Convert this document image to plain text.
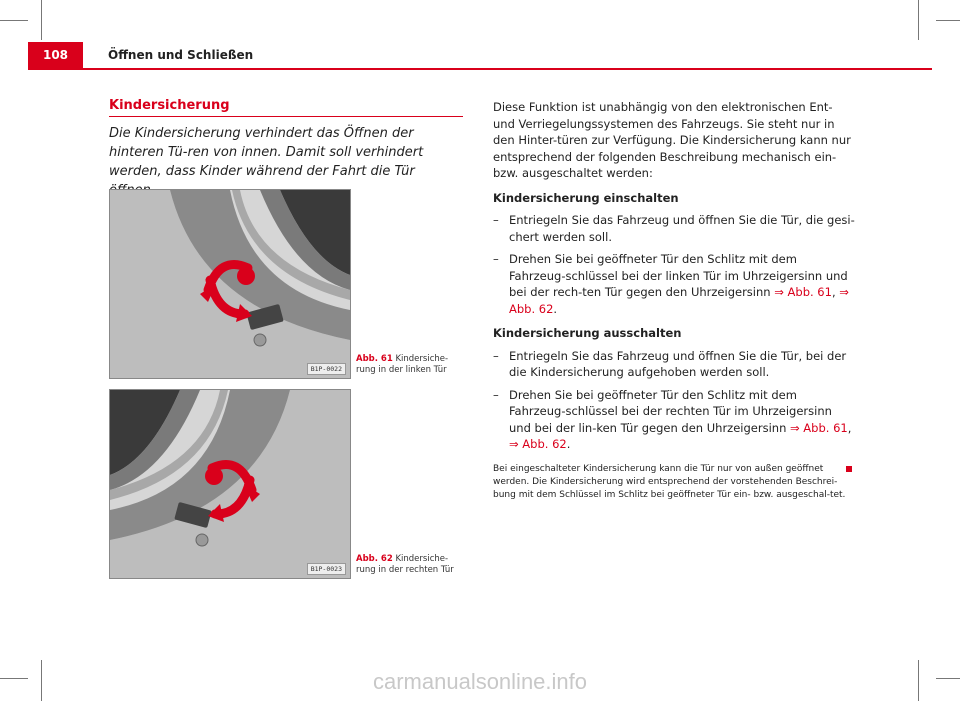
108	Öffnen und Schließen
Kindersicherung
Die Kindersicherung verhindert das Öffnen der hinteren Tü-ren von innen. Damit soll verhindert werden, dass Kinder während der Fahrt die Tür
B1P-0022
Abb. 61 Kindersiche-rung in der linken Tür
B1P-0023
Abb. 62 Kindersiche-rung in der rechten Tür

Diese Funktion ist unabhängig von den elektronischen Ent- und Verriegelungssystemen des Fahrzeugs. Sie steht nur in den Hinter-türen zur Verfügung. Die Kindersicherung kann nur entsprechend der folgenden Beschreibung mechanisch ein- bzw. ausgeschaltet werden:

Kindersicherung einschalten

– Entriegeln Sie das Fahrzeug und öffnen Sie die Tür, die gesi-chert werden soll.
– Drehen Sie bei geöffneter Tür den Schlitz mit dem Fahrzeug-schlüssel bei der linken Tür im Uhrzeigersinn und bei der rech-ten Tür gegen den Uhrzeigersinn ⇒ Abb. 61, ⇒ Abb. 62.

Kindersicherung ausschalten

– Entriegeln Sie das Fahrzeug und öffnen Sie die Tür, bei der die Kindersicherung aufgehoben werden soll.
– Drehen Sie bei geöffneter Tür den Schlitz mit dem Fahrzeug-schlüssel bei der rechten Tür im Uhrzeigersinn und bei der lin-ken Tür gegen den Uhrzeigersinn ⇒ Abb. 61, ⇒ Abb. 62.

Bei eingeschalteter Kindersicherung kann die Tür nur von außen geöffnet werden. Die Kindersicherung wird entsprechend der vorstehenden Beschrei-bung mit dem Schlüssel im Schlitz bei geöffneter Tür ein- bzw. ausgeschal-tet.

carmanualsonline.info
